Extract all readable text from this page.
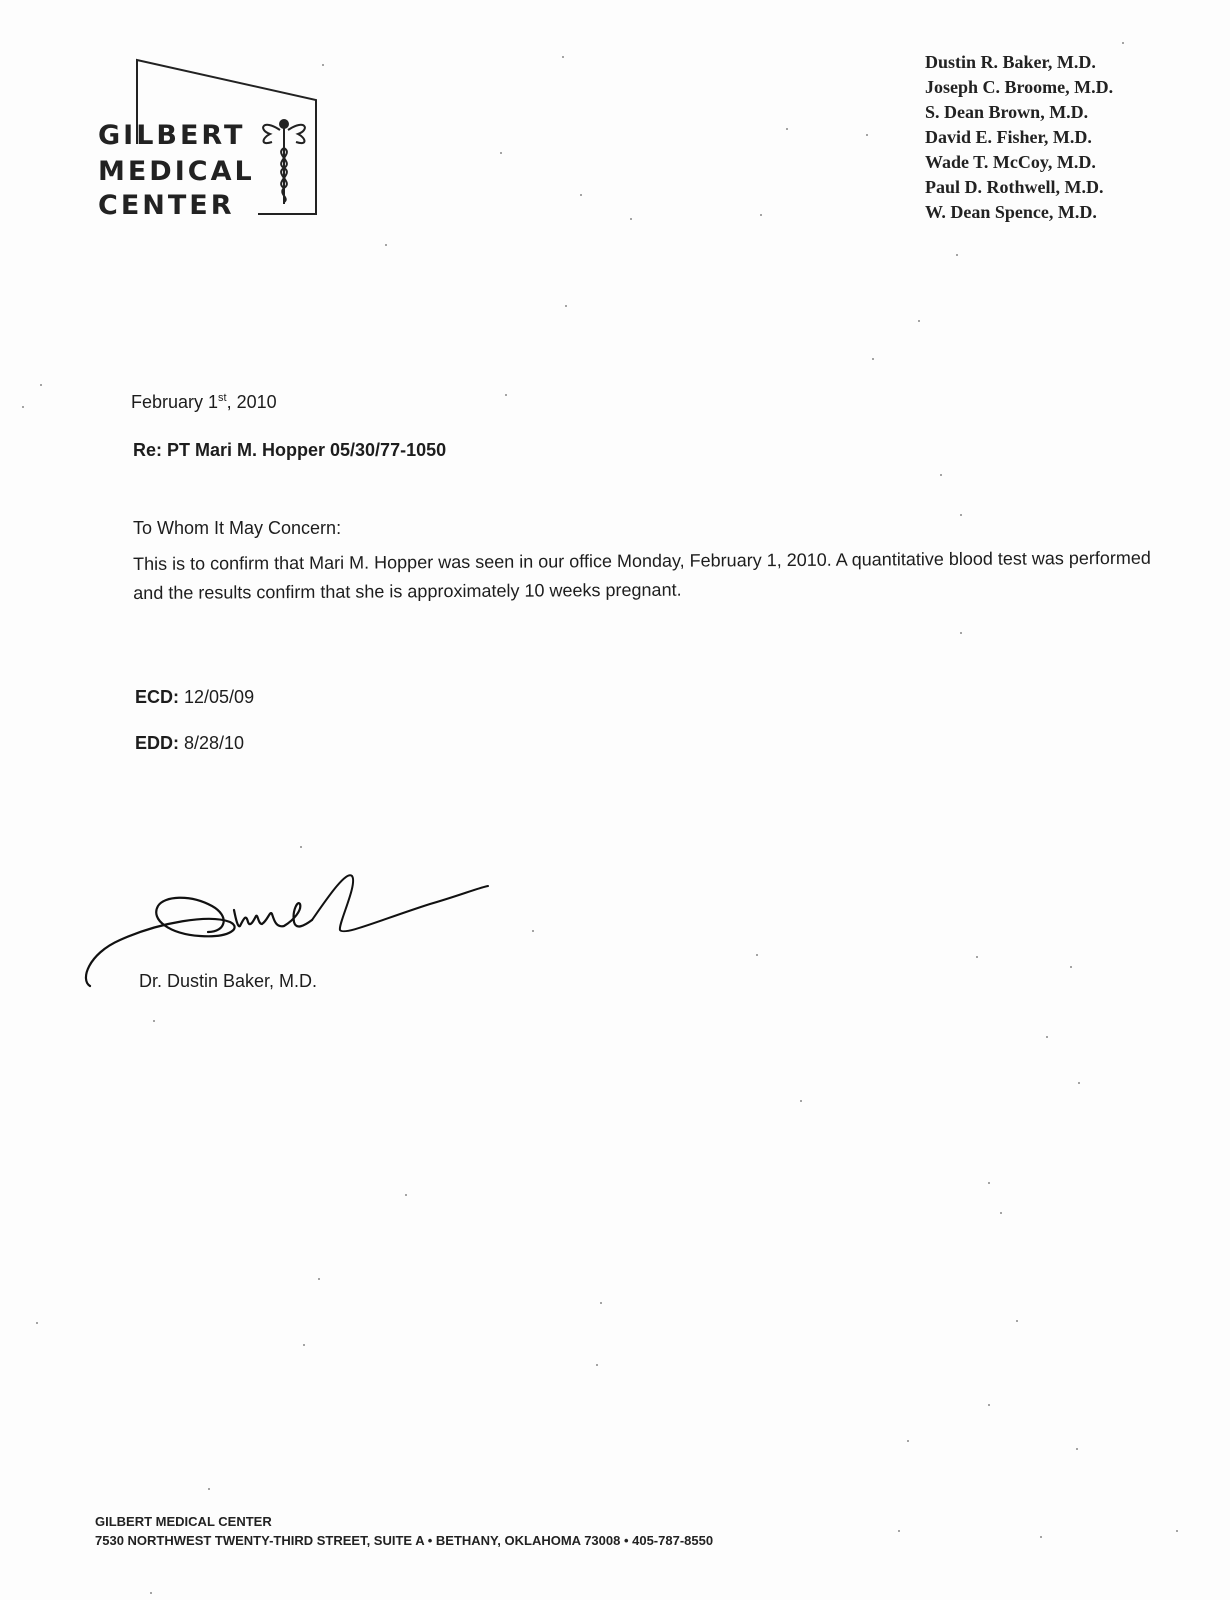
GILBERT
MEDICAL
CENTER
Dustin R. Baker, M.D.
Joseph C. Broome, M.D.
S. Dean Brown, M.D.
David E. Fisher, M.D.
Wade T. McCoy, M.D.
Paul D. Rothwell, M.D.
W. Dean Spence, M.D.
February 1st, 2010
Re: PT Mari M. Hopper 05/30/77-1050
To Whom It May Concern:
This is to confirm that Mari M. Hopper was seen in our office Monday, February 1, 2010. A quantitative blood test was performed and the results confirm that she is approximately 10 weeks pregnant.
ECD: 12/05/09
EDD: 8/28/10
Dr. Dustin Baker, M.D.
GILBERT MEDICAL CENTER
7530 NORTHWEST TWENTY-THIRD STREET, SUITE A • BETHANY, OKLAHOMA 73008 • 405-787-8550
